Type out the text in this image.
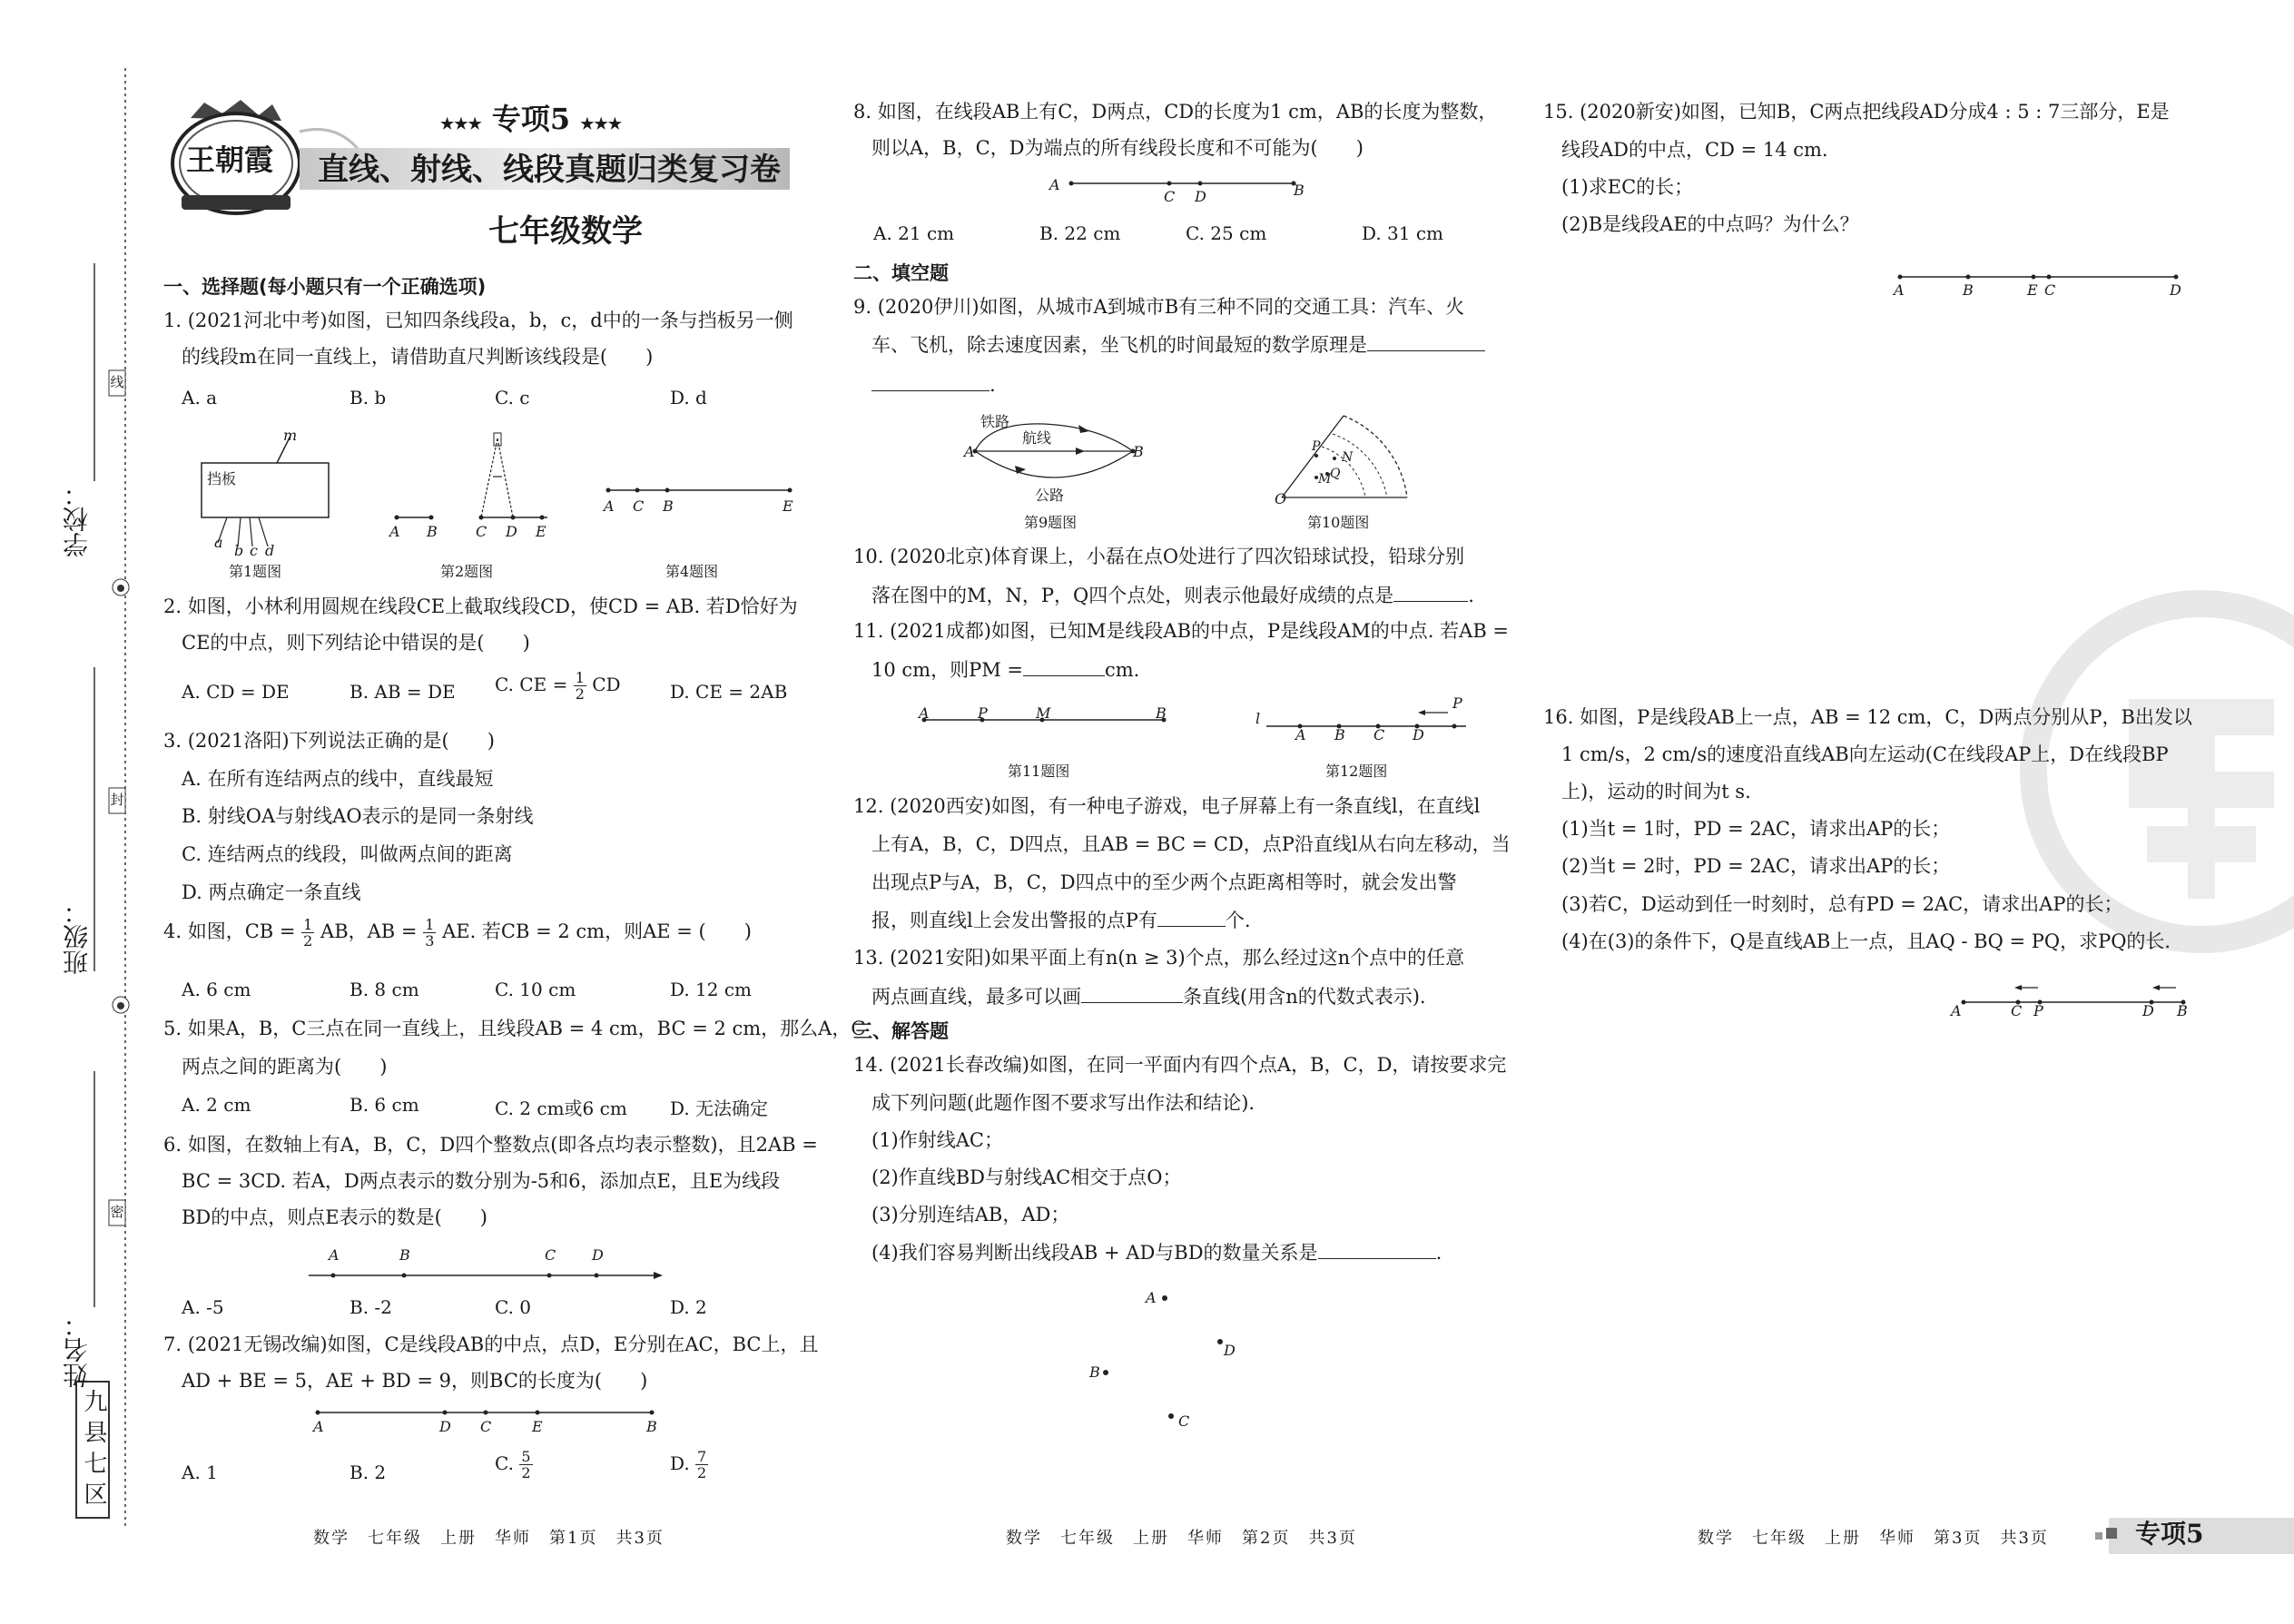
线
封
密
学校：
班级：
姓名：
九县七区
王朝霞
★★★ 专项5 ★★★
直线、射线、线段真题归类复习卷
七年级数学
一、选择题(每小题只有一个正确选项)
1. (2021河北中考)如图，已知四条线段a，b，c，d中的一条与挡板另一侧
的线段m在同一直线上，请借助直尺判断该线段是(　　)
A. a	B. b	C. c	D. d
挡板
m
a b c d
第1题图
A B	C D E
第2题图
A C B	E
第4题图
2. 如图，小林利用圆规在线段CE上截取线段CD，使CD = AB. 若D恰好为
CE的中点，则下列结论中错误的是(　　)
A. CD = DE	B. AB = DE C. CE = $\frac{1}{2}$ CD	D. CE = 2AB
3. (2021洛阳)下列说法正确的是(　　)
A. 在所有连结两点的线中，直线最短
B. 射线OA与射线AO表示的是同一条射线
C. 连结两点的线段，叫做两点间的距离
D. 两点确定一条直线
4. 如图，CB = $\frac{1}{2}$ AB，AB = $\frac{1}{3}$ AE. 若CB = 2 cm，则AE = (　　)
A. 6 cm	B. 8 cm	C. 10 cm	D. 12 cm
5. 如果A，B，C三点在同一直线上，且线段AB = 4 cm，BC = 2 cm，那么A，C
两点之间的距离为(　　)
A. 2 cm	B. 6 cm	C. 2 cm或6 cm D. 无法确定
6. 如图，在数轴上有A，B，C，D四个整数点(即各点均表示整数)，且2AB =
BC = 3CD. 若A，D两点表示的数分别为-5和6，添加点E，且E为线段
BD的中点，则点E表示的数是(　　)
A	B	C D
A. -5	B. -2	C. 0	D. 2
7. (2021无锡改编)如图，C是线段AB的中点，点D，E分别在AC，BC上，且
AD + BE = 5，AE + BD = 9，则BC的长度为(　　)
A	D C	E	B
A. 1	B. 2	C. $\frac{5}{2}$	D. $\frac{7}{2}$
8. 如图，在线段AB上有C，D两点，CD的长度为1 cm，AB的长度为整数，
则以A，B，C，D为端点的所有线段长度和不可能为(　　)
A
C D	B
A. 21 cm	B. 22 cm	C. 25 cm	D. 31 cm
二、填空题
9. (2020伊川)如图，从城市A到城市B有三种不同的交通工具：汽车、火
车、飞机，除去速度因素，坐飞机的时间最短的数学原理是
.
A	B
铁路
航线
公路
第9题图
O
P
N
Q
M
第10题图
10. (2020北京)体育课上，小磊在点O处进行了四次铅球试投，铅球分别
落在图中的M，N，P，Q四个点处，则表示他最好成绩的点是	.
11. (2021成都)如图，已知M是线段AB的中点，P是线段AM的中点. 若AB =
10 cm，则PM =	cm.
A	P	M	B
第11题图
l
A B C D
P
第12题图
12. (2020西安)如图，有一种电子游戏，电子屏幕上有一条直线l，在直线l
上有A，B，C，D四点，且AB = BC = CD，点P沿直线l从右向左移动，当
出现点P与A，B，C，D四点中的至少两个点距离相等时，就会发出警
报，则直线l上会发出警报的点P有	个.
13. (2021安阳)如果平面上有n(n ≥ 3)个点，那么经过这n个点中的任意
两点画直线，最多可以画	条直线(用含n的代数式表示).
三、解答题
14. (2021长春改编)如图，在同一平面内有四个点A，B，C，D，请按要求完
成下列问题(此题作图不要求写出作法和结论).
(1)作射线AC；
(2)作直线BD与射线AC相交于点O；
(3)分别连结AB，AD；
(4)我们容易判断出线段AB + AD与BD的数量关系是	.
A
D
B
C
15. (2020新安)如图，已知B，C两点把线段AD分成4 : 5 : 7三部分，E是
线段AD的中点，CD = 14 cm.
(1)求EC的长；
(2)B是线段AE的中点吗？为什么？
A	B	E C	D
16. 如图，P是线段AB上一点，AB = 12 cm，C，D两点分别从P，B出发以
1 cm/s，2 cm/s的速度沿直线AB向左运动(C在线段AP上，D在线段BP
上)，运动的时间为t s.
(1)当t = 1时，PD = 2AC，请求出AP的长；
(2)当t = 2时，PD = 2AC，请求出AP的长；
(3)若C，D运动到任一时刻时，总有PD = 2AC，请求出AP的长；
(4)在(3)的条件下，Q是直线AB上一点，且AQ - BQ = PQ，求PQ的长.
A	C P	D B
数学　七年级　上册　华师　第1页　共3页	数学　七年级　上册　华师　第2页　共3页	数学　七年级　上册　华师　第3页　共3页	专项5
